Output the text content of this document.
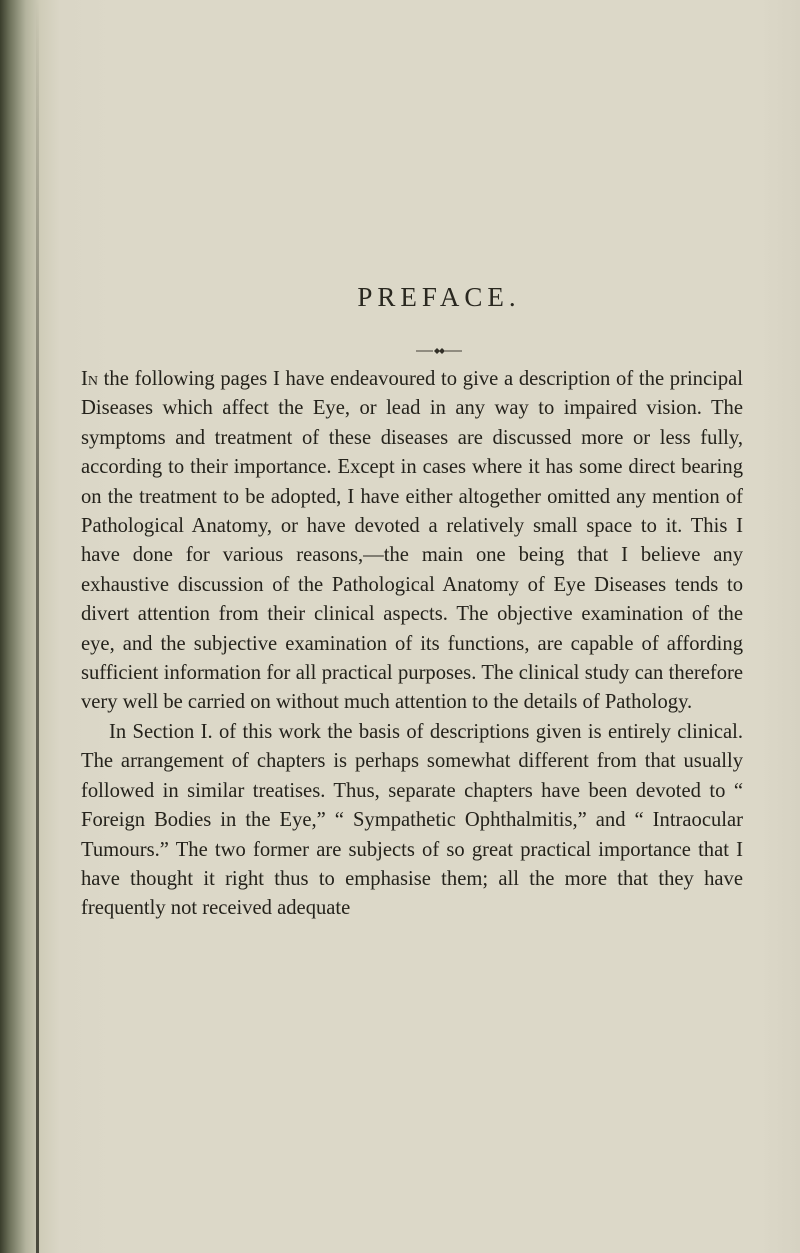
PREFACE.

In the following pages I have endeavoured to give a description of the principal Diseases which affect the Eye, or lead in any way to impaired vision. The symptoms and treatment of these diseases are discussed more or less fully, according to their importance. Except in cases where it has some direct bearing on the treatment to be adopted, I have either altogether omitted any mention of Pathological Anatomy, or have devoted a relatively small space to it. This I have done for various reasons,—the main one being that I believe any exhaustive discussion of the Pathological Anatomy of Eye Diseases tends to divert attention from their clinical aspects. The objective examination of the eye, and the subjective examination of its functions, are capable of affording sufficient information for all practical purposes. The clinical study can therefore very well be carried on without much attention to the details of Pathology.

In Section I. of this work the basis of descriptions given is entirely clinical. The arrangement of chapters is perhaps somewhat different from that usually followed in similar treatises. Thus, separate chapters have been devoted to “ Foreign Bodies in the Eye,” “ Sympathetic Ophthalmitis,” and “ Intraocular Tumours.” The two former are subjects of so great practical importance that I have thought it right thus to emphasise them; all the more that they have frequently not received adequate
